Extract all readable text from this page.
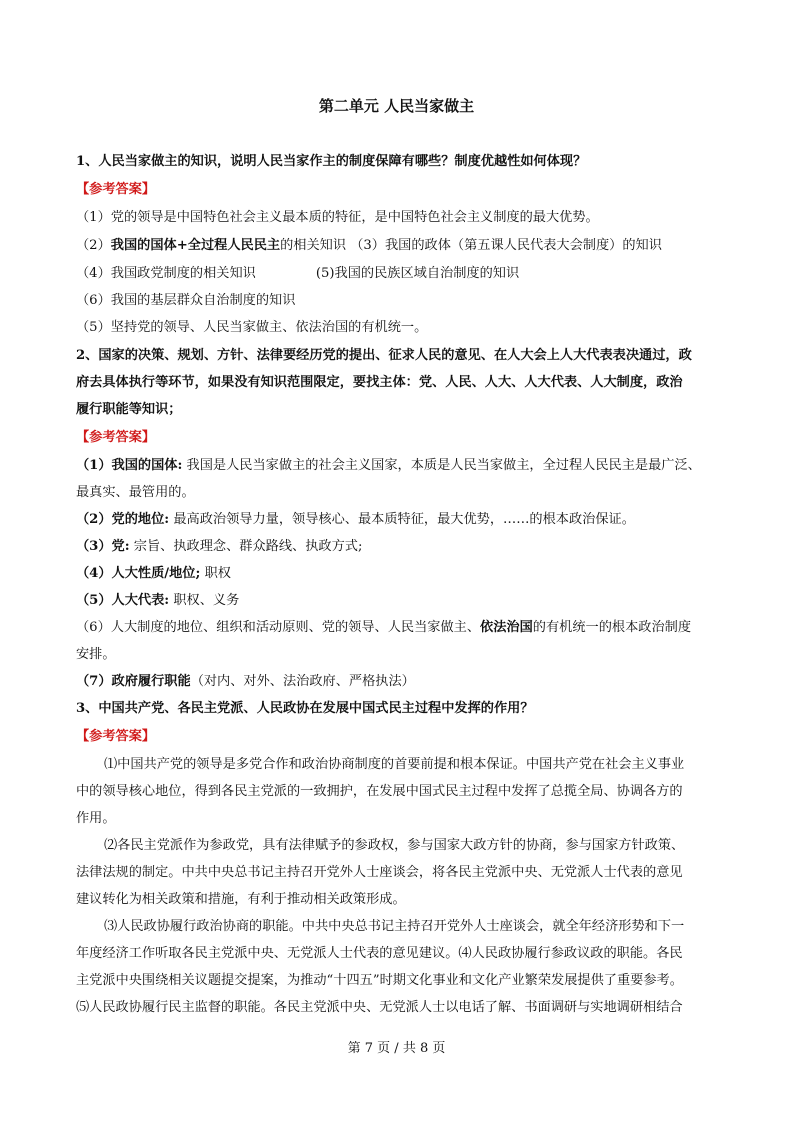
第二单元 人民当家做主
1、人民当家做主的知识，说明人民当家作主的制度保障有哪些？制度优越性如何体现？
【参考答案】
（1）党的领导是中国特色社会主义最本质的特征，是中国特色社会主义制度的最大优势。
（2）我国的国体+全过程人民民主的相关知识 （3）我国的政体（第五课人民代表大会制度）的知识
（4）我国政党制度的相关知识	(5)我国的民族区域自治制度的知识
（6）我国的基层群众自治制度的知识
（5）坚持党的领导、人民当家做主、依法治国的有机统一。
2、国家的决策、规划、方针、法律要经历党的提出、征求人民的意见、在人大会上人大代表表决通过，政
府去具体执行等环节，如果没有知识范围限定，要找主体：党、人民、人大、人大代表、人大制度，政治
履行职能等知识；
【参考答案】
（1）我国的国体: 我国是人民当家做主的社会主义国家，本质是人民当家做主，全过程人民民主是最广泛、
最真实、最管用的。
（2）党的地位: 最高政治领导力量，领导核心、最本质特征，最大优势，……的根本政治保证。
（3）党: 宗旨、执政理念、群众路线、执政方式;
（4）人大性质/地位; 职权
（5）人大代表: 职权、义务
（6）人大制度的地位、组织和活动原则、党的领导、人民当家做主、依法治国的有机统一的根本政治制度
安排。
（7）政府履行职能（对内、对外、法治政府、严格执法）
3、中国共产党、各民主党派、人民政协在发展中国式民主过程中发挥的作用？
【参考答案】
⑴中国共产党的领导是多党合作和政治协商制度的首要前提和根本保证。中国共产党在社会主义事业
中的领导核心地位，得到各民主党派的一致拥护，在发展中国式民主过程中发挥了总揽全局、协调各方的
作用。
⑵各民主党派作为参政党，具有法律赋予的参政权，参与国家大政方针的协商，参与国家方针政策、
法律法规的制定。中共中央总书记主持召开党外人士座谈会，将各民主党派中央、无党派人士代表的意见
建议转化为相关政策和措施，有利于推动相关政策形成。
⑶人民政协履行政治协商的职能。中共中央总书记主持召开党外人士座谈会，就全年经济形势和下一
年度经济工作听取各民主党派中央、无党派人士代表的意见建议。⑷人民政协履行参政议政的职能。各民
主党派中央围绕相关议题提交提案，为推动“十四五”时期文化事业和文化产业繁荣发展提供了重要参考。
⑸人民政协履行民主监督的职能。各民主党派中央、无党派人士以电话了解、书面调研与实地调研相结合
第 7 页 / 共 8 页
